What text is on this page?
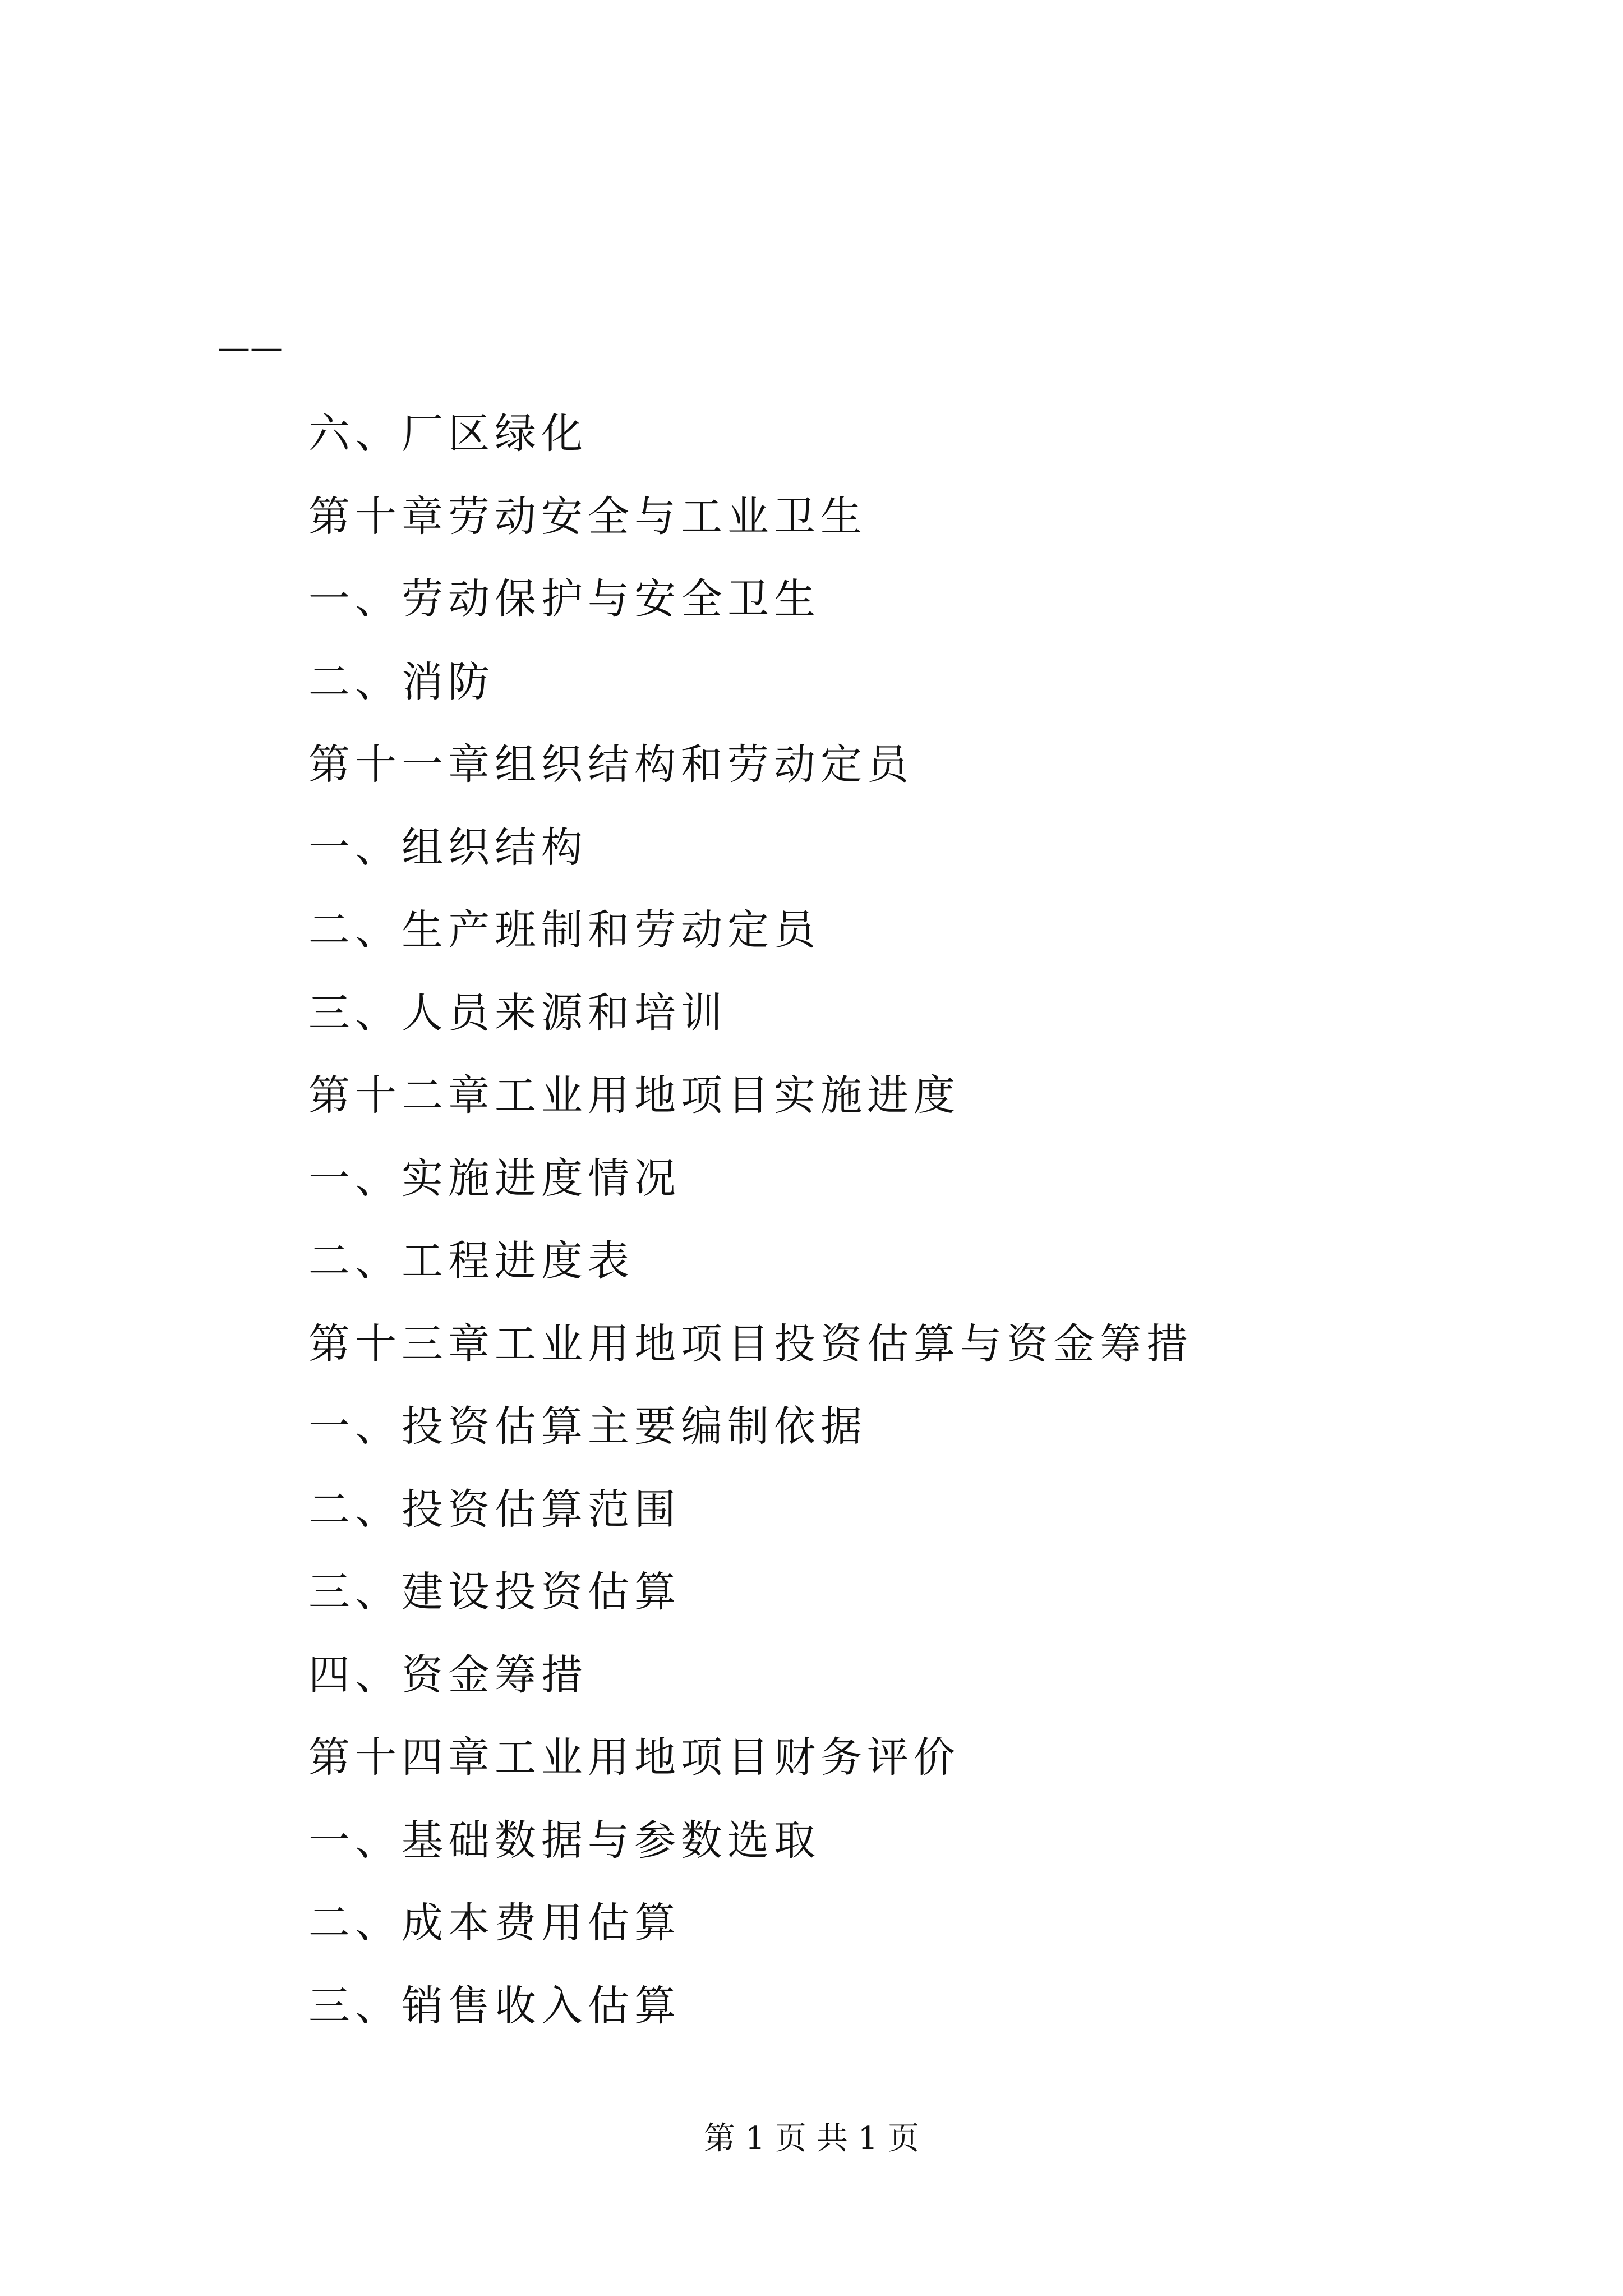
——
六、厂区绿化
第十章劳动安全与工业卫生
一、劳动保护与安全卫生
二、消防
第十一章组织结构和劳动定员
一、组织结构
二、生产班制和劳动定员
三、人员来源和培训
第十二章工业用地项目实施进度
一、实施进度情况
二、工程进度表
第十三章工业用地项目投资估算与资金筹措
一、投资估算主要编制依据
二、投资估算范围
三、建设投资估算
四、资金筹措
第十四章工业用地项目财务评价
一、基础数据与参数选取
二、成本费用估算
三、销售收入估算
第 1 页 共 1 页
